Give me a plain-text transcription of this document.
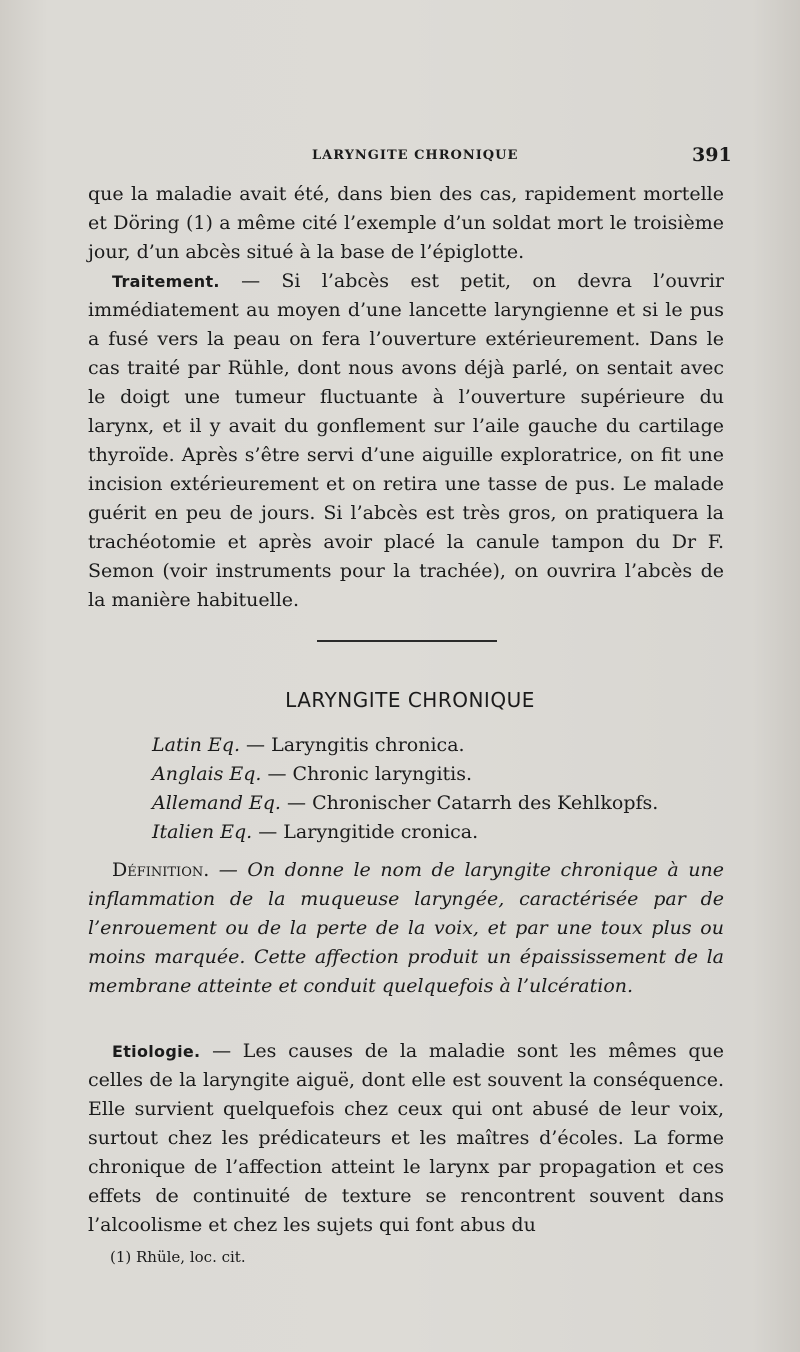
LARYNGITE CHRONIQUE	391

que la maladie avait été, dans bien des cas, rapidement mortelle et Döring (1) a même cité l’exemple d’un soldat mort le troisième jour, d’un abcès situé à la base de l’épiglotte.

Traitement. — Si l’abcès est petit, on devra l’ouvrir immédiatement au moyen d’une lancette laryngienne et si le pus a fusé vers la peau on fera l’ouverture extérieurement. Dans le cas traité par Rühle, dont nous avons déjà parlé, on sentait avec le doigt une tumeur fluctuante à l’ouverture supérieure du larynx, et il y avait du gonflement sur l’aile gauche du cartilage thyroïde. Après s’être servi d’une aiguille exploratrice, on fit une incision extérieurement et on retira une tasse de pus. Le malade guérit en peu de jours. Si l’abcès est très gros, on pratiquera la trachéotomie et après avoir placé la canule tampon du Dr F. Semon (voir instruments pour la trachée), on ouvrira l’abcès de la manière habituelle.

LARYNGITE CHRONIQUE
Latin Eq. — Laryngitis chronica.
Anglais Eq. — Chronic laryngitis.
Allemand Eq. — Chronischer Catarrh des Kehlkopfs.
Italien Eq. — Laryngitide cronica.

Définition. — On donne le nom de laryngite chronique à une inflammation de la muqueuse laryngée, caractérisée par de l’enrouement ou de la perte de la voix, et par une toux plus ou moins marquée. Cette affection produit un épaississement de la membrane atteinte et conduit quelquefois à l’ulcération.

Etiologie. — Les causes de la maladie sont les mêmes que celles de la laryngite aiguë, dont elle est souvent la conséquence. Elle survient quelquefois chez ceux qui ont abusé de leur voix, surtout chez les prédicateurs et les maîtres d’écoles. La forme chronique de l’affection atteint le larynx par propagation et ces effets de continuité de texture se rencontrent souvent dans l’alcoolisme et chez les sujets qui font abus du

(1) Rhüle, loc. cit.
